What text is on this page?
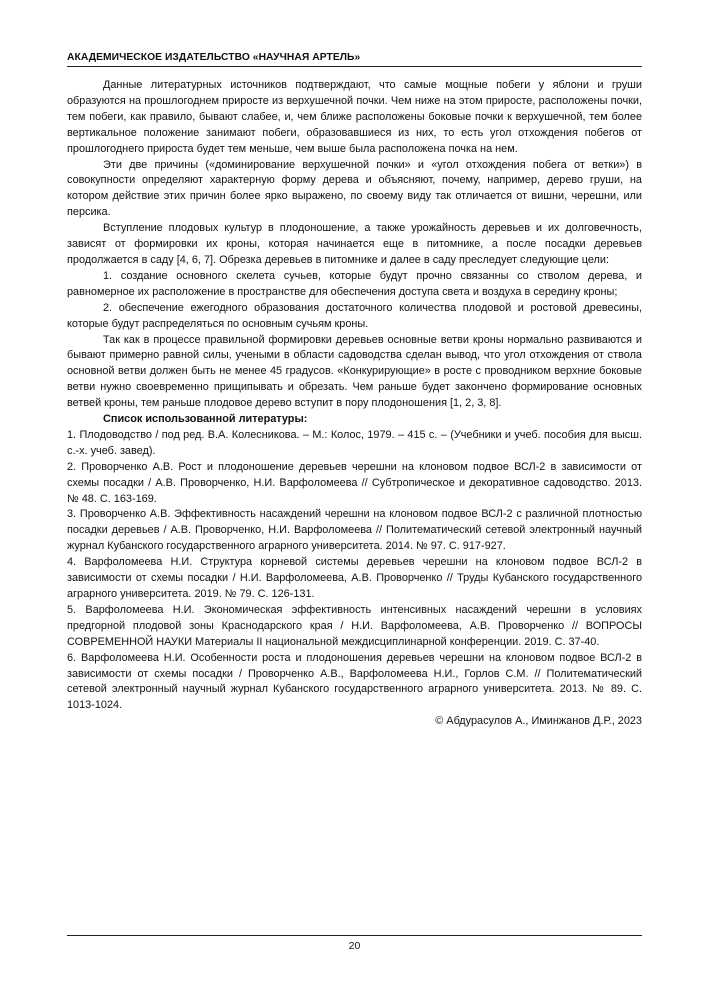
АКАДЕМИЧЕСКОЕ ИЗДАТЕЛЬСТВО «НАУЧНАЯ АРТЕЛЬ»

Данные литературных источников подтверждают, что самые мощные побеги у яблони и груши образуются на прошлогоднем приросте из верхушечной почки. Чем ниже на этом приросте, расположены почки, тем побеги, как правило, бывают слабее, и, чем ближе расположены боковые почки к верхушечной, тем более вертикальное положение занимают побеги, образовавшиеся из них, то есть угол отхождения побегов от прошлогоднего прироста будет тем меньше, чем выше была расположена почка на нем.

Эти две причины («доминирование верхушечной почки» и «угол отхождения побега от ветки») в совокупности определяют характерную форму дерева и объясняют, почему, например, дерево груши, на котором действие этих причин более ярко выражено, по своему виду так отличается от вишни, черешни, или персика.

Вступление плодовых культур в плодоношение, а также урожайность деревьев и их долговечность, зависят от формировки их кроны, которая начинается еще в питомнике, а после посадки деревьев продолжается в саду [4, 6, 7]. Обрезка деревьев в питомнике и далее в саду преследует следующие цели:

1. создание основного скелета сучьев, которые будут прочно связанны со стволом дерева, и равномерное их расположение в пространстве для обеспечения доступа света и воздуха в середину кроны;

2. обеспечение ежегодного образования достаточного количества плодовой и ростовой древесины, которые будут распределяться по основным сучьям кроны.

Так как в процессе правильной формировки деревьев основные ветви кроны нормально развиваются и бывают примерно равной силы, учеными в области садоводства сделан вывод, что угол отхождения от ствола основной ветви должен быть не менее 45 градусов. «Конкурирующие» в росте с проводником верхние боковые ветви нужно своевременно прищипывать и обрезать. Чем раньше будет закончено формирование основных ветвей кроны, тем раньше плодовое дерево вступит в пору плодоношения [1, 2, 3, 8].

Список использованной литературы:

1. Плодоводство / под ред. В.А. Колесникова. – М.: Колос, 1979. – 415 с. – (Учебники и учеб. пособия для высш. с.-х. учеб. завед).

2. Проворченко А.В. Рост и плодоношение деревьев черешни на клоновом подвое ВСЛ-2 в зависимости от схемы посадки / А.В. Проворченко, Н.И. Варфоломеева // Субтропическое и декоративное садоводство. 2013. № 48. С. 163-169.

3. Проворченко А.В. Эффективность насаждений черешни на клоновом подвое ВСЛ-2 с различной плотностью посадки деревьев / А.В. Проворченко, Н.И. Варфоломеева // Политематический сетевой электронный научный журнал Кубанского государственного аграрного университета. 2014. № 97. С. 917-927.

4. Варфоломеева Н.И. Структура корневой системы деревьев черешни на клоновом подвое ВСЛ-2 в зависимости от схемы посадки / Н.И. Варфоломеева, А.В. Проворченко // Труды Кубанского государственного аграрного университета. 2019. № 79. С. 126-131.

5. Варфоломеева Н.И. Экономическая эффективность интенсивных насаждений черешни в условиях предгорной плодовой зоны Краснодарского края / Н.И. Варфоломеева, А.В. Проворченко // ВОПРОСЫ СОВРЕМЕННОЙ НАУКИ Материалы II национальной междисциплинарной конференции. 2019. С. 37-40.

6. Варфоломеева Н.И. Особенности роста и плодоношения деревьев черешни на клоновом подвое ВСЛ-2 в зависимости от схемы посадки / Проворченко А.В., Варфоломеева Н.И., Горлов С.М. // Политематический сетевой электронный научный журнал Кубанского государственного аграрного университета. 2013. № 89. С. 1013-1024.

© Абдурасулов А., Иминжанов Д.Р., 2023

20
